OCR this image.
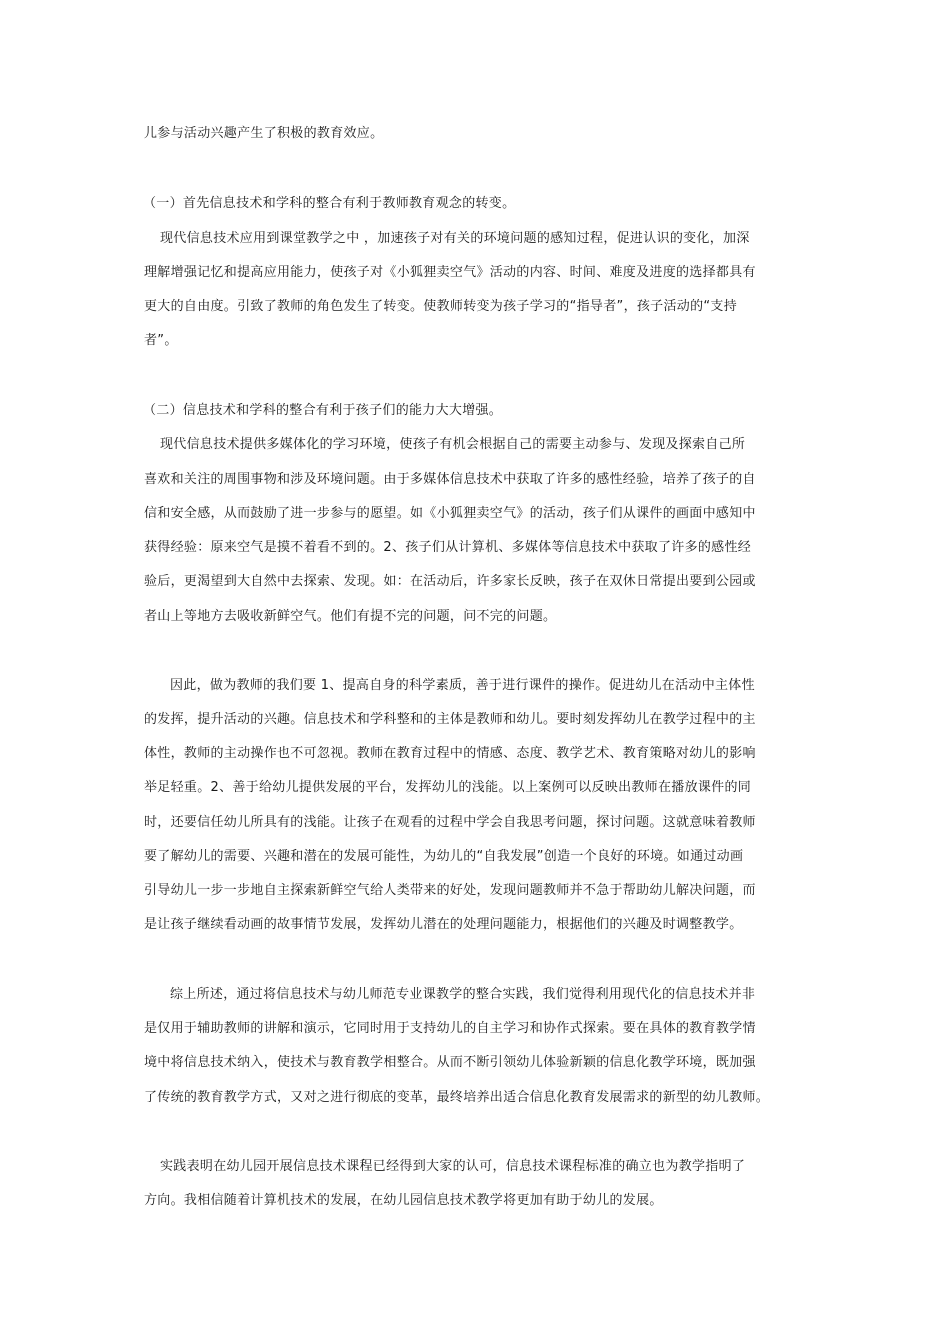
儿参与活动兴趣产生了积极的教育效应。
（一）首先信息技术和学科的整合有利于教师教育观念的转变。
现代信息技术应用到课堂教学之中 ，加速孩子对有关的环境问题的感知过程，促进认识的变化，加深
理解增强记忆和提高应用能力，使孩子对《小狐狸卖空气》活动的内容、时间、难度及进度的选择都具有
更大的自由度。引致了教师的角色发生了转变。使教师转变为孩子学习的“指导者”，孩子活动的“支持
者”。
（二）信息技术和学科的整合有利于孩子们的能力大大增强。
现代信息技术提供多媒体化的学习环境，使孩子有机会根据自己的需要主动参与、发现及探索自己所
喜欢和关注的周围事物和涉及环境问题。由于多媒体信息技术中获取了许多的感性经验，培养了孩子的自
信和安全感，从而鼓励了进一步参与的愿望。如《小狐狸卖空气》的活动，孩子们从课件的画面中感知中
获得经验：原来空气是摸不着看不到的。2、孩子们从计算机、多媒体等信息技术中获取了许多的感性经
验后，更渴望到大自然中去探索、发现。如：在活动后，许多家长反映，孩子在双休日常提出要到公园或
者山上等地方去吸收新鲜空气。他们有提不完的问题，问不完的问题。
因此，做为教师的我们要 1、提高自身的科学素质，善于进行课件的操作。促进幼儿在活动中主体性
的发挥，提升活动的兴趣。信息技术和学科整和的主体是教师和幼儿。要时刻发挥幼儿在教学过程中的主
体性，教师的主动操作也不可忽视。教师在教育过程中的情感、态度、教学艺术、教育策略对幼儿的影响
举足轻重。2、善于给幼儿提供发展的平台，发挥幼儿的浅能。以上案例可以反映出教师在播放课件的同
时，还要信任幼儿所具有的浅能。让孩子在观看的过程中学会自我思考问题，探讨问题。这就意味着教师
要了解幼儿的需要、兴趣和潜在的发展可能性，为幼儿的“自我发展”创造一个良好的环境。如通过动画
引导幼儿一步一步地自主探索新鲜空气给人类带来的好处，发现问题教师并不急于帮助幼儿解决问题，而
是让孩子继续看动画的故事情节发展，发挥幼儿潜在的处理问题能力，根据他们的兴趣及时调整教学。
综上所述，通过将信息技术与幼儿师范专业课教学的整合实践，我们觉得利用现代化的信息技术并非
是仅用于辅助教师的讲解和演示，它同时用于支持幼儿的自主学习和协作式探索。要在具体的教育教学情
境中将信息技术纳入，使技术与教育教学相整合。从而不断引领幼儿体验新颖的信息化教学环境，既加强
了传统的教育教学方式，又对之进行彻底的变革，最终培养出适合信息化教育发展需求的新型的幼儿教师。
实践表明在幼儿园开展信息技术课程已经得到大家的认可，信息技术课程标准的确立也为教学指明了
方向。我相信随着计算机技术的发展，在幼儿园信息技术教学将更加有助于幼儿的发展。
